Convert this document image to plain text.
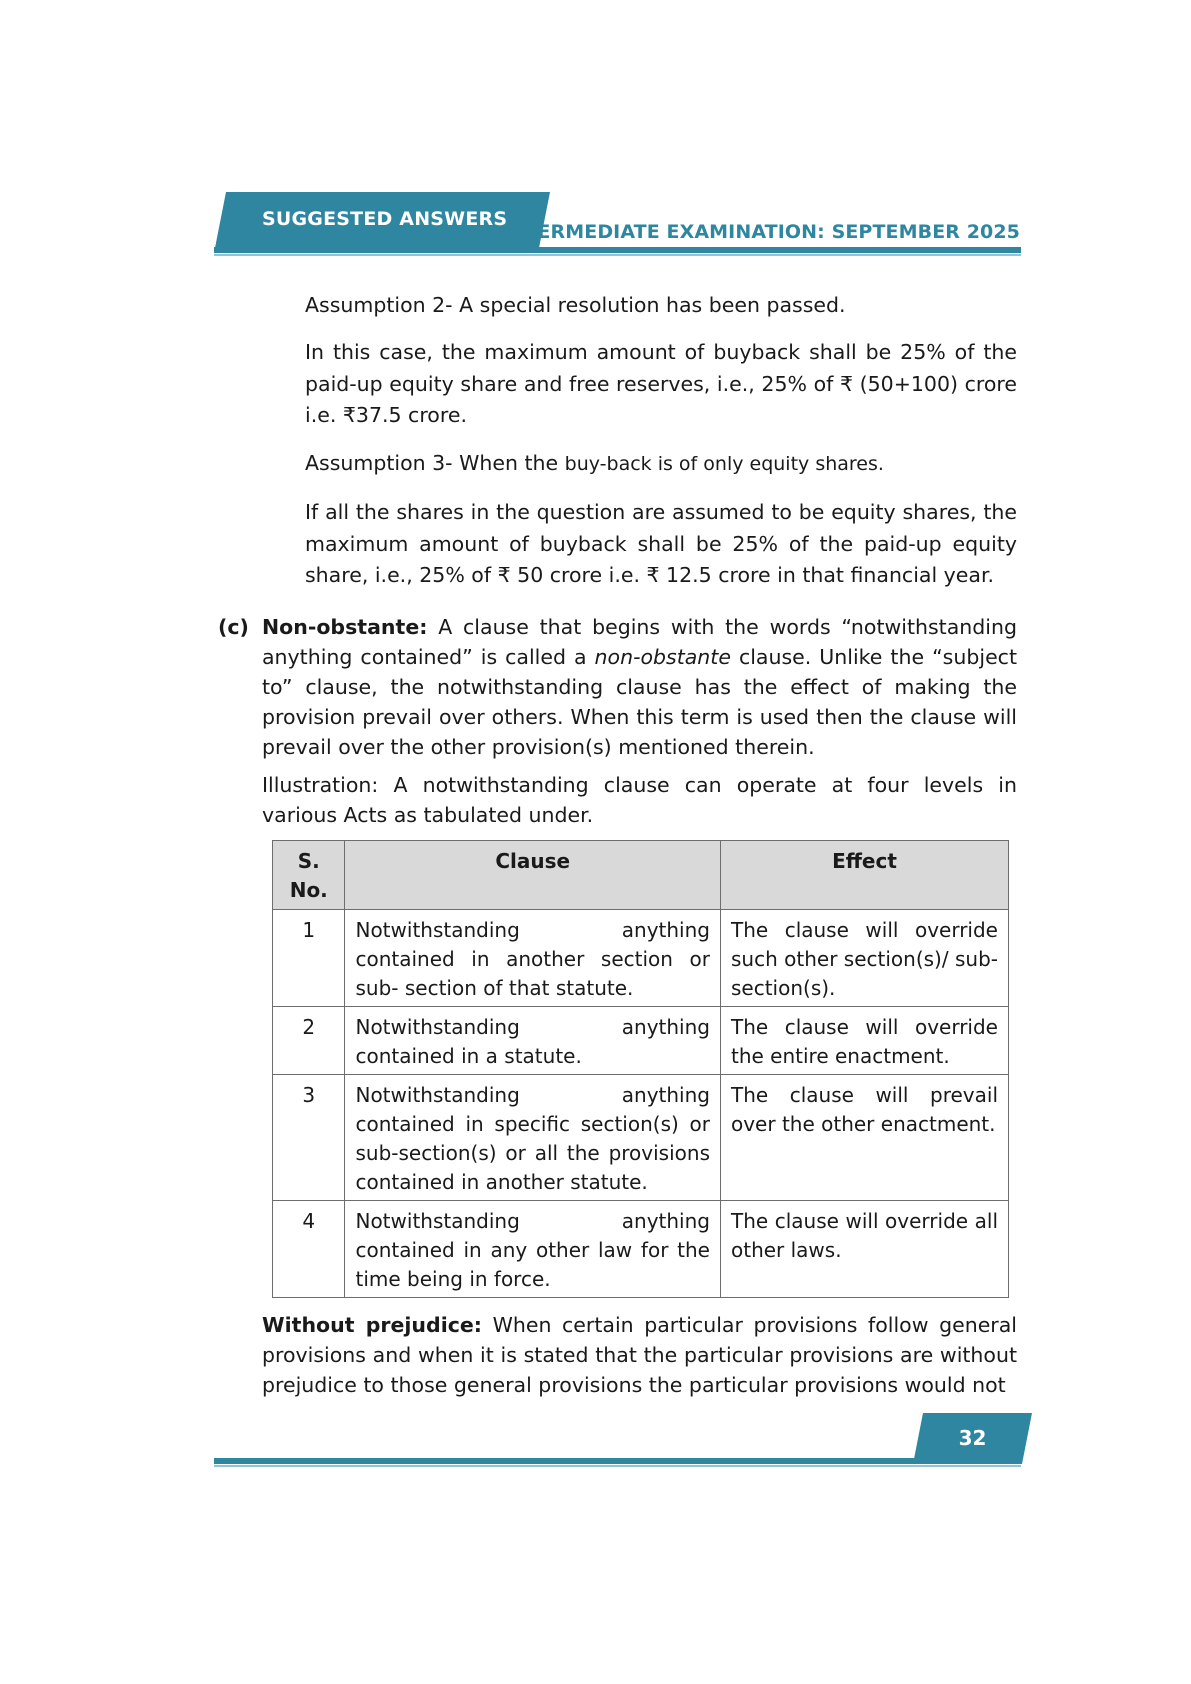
SUGGESTED ANSWERS
INTERMEDIATE EXAMINATION: SEPTEMBER 2025

Assumption 2- A special resolution has been passed.

In this case, the maximum amount of buyback shall be 25% of the paid-up equity share and free reserves, i.e., 25% of ₹ (50+100) crore i.e. ₹37.5 crore.

Assumption 3- When the buy-back is of only equity shares.

If all the shares in the question are assumed to be equity shares, the maximum amount of buyback shall be 25% of the paid-up equity share, i.e., 25% of ₹ 50 crore i.e. ₹ 12.5 crore in that financial year.

(c) Non-obstante: A clause that begins with the words “notwithstanding anything contained” is called a non-obstante clause. Unlike the “subject to” clause, the notwithstanding clause has the effect of making the provision prevail over others. When this term is used then the clause will prevail over the other provision(s) mentioned therein.

Illustration: A notwithstanding clause can operate at four levels in various Acts as tabulated under.

S. No.	Clause	Effect
1	Notwithstanding anything contained in another section or sub- section of that statute.	The clause will override such other section(s)/ sub-section(s).
2	Notwithstanding anything contained in a statute.	The clause will override the entire enactment.
3	Notwithstanding anything contained in specific section(s) or sub-section(s) or all the provisions contained in another statute.	The clause will prevail over the other enactment.
4	Notwithstanding anything contained in any other law for the time being in force.	The clause will override all other laws.

Without prejudice: When certain particular provisions follow general provisions and when it is stated that the particular provisions are without prejudice to those general provisions the particular provisions would not

32
